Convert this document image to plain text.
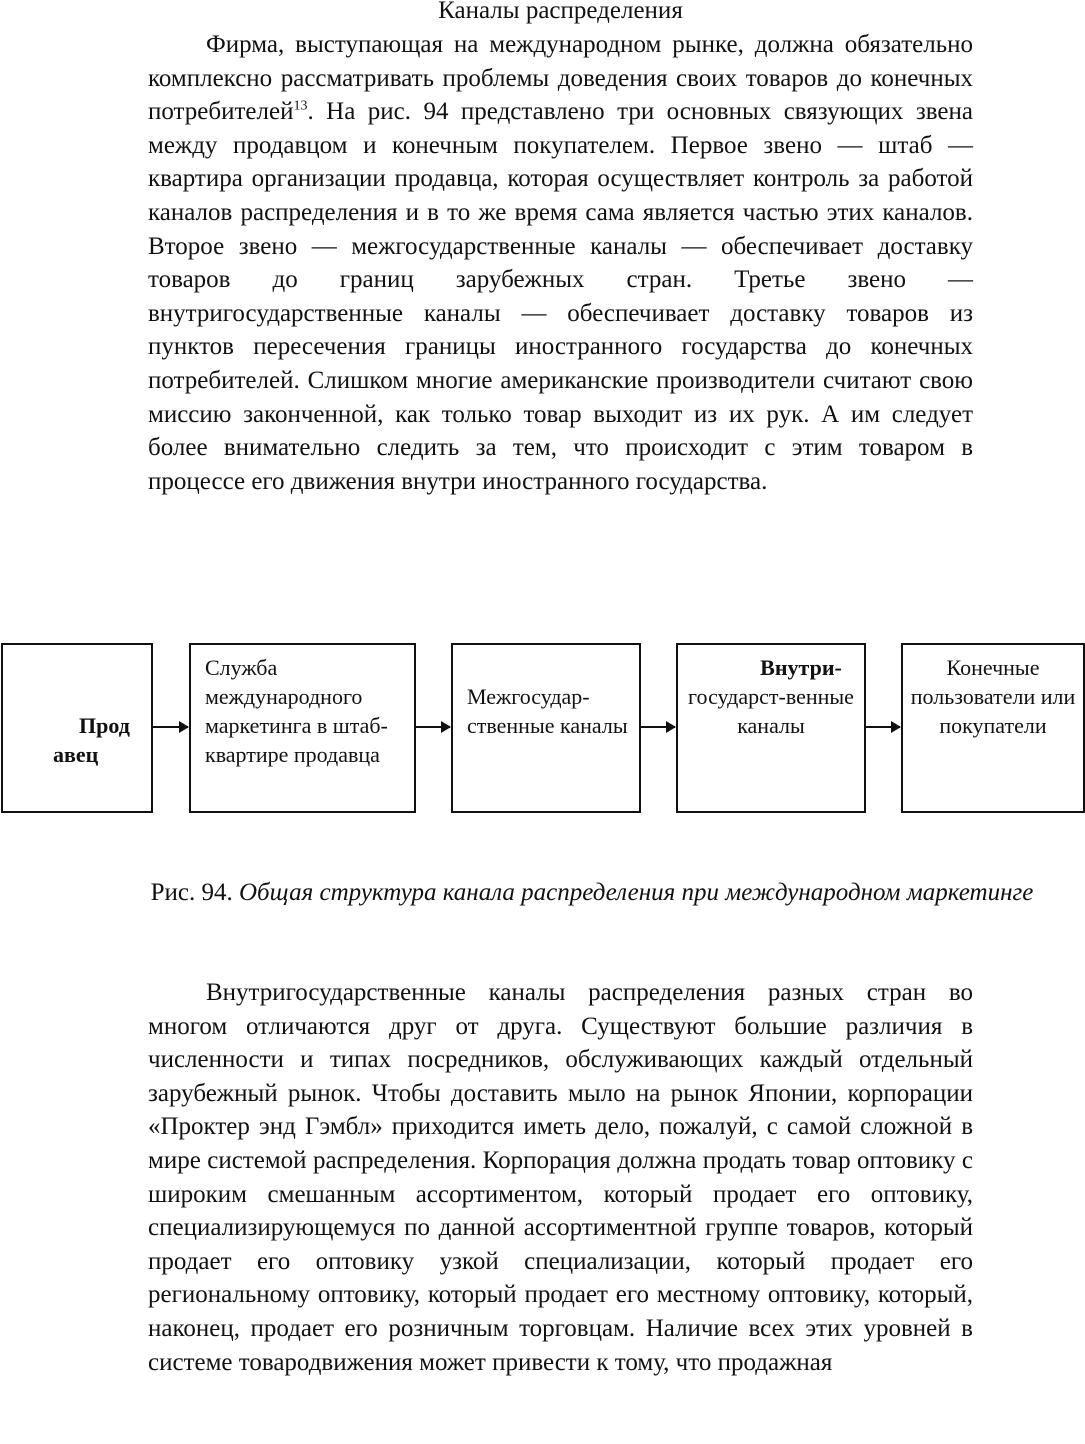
Каналы распределения

Фирма, выступающая на международном рынке, должна обязательно комплексно рассматривать проблемы доведения своих товаров до конечных потребителей$^{13}$. На рис. 94 представлено три основных связующих звена между продавцом и конечным покупателем. Первое звено — штаб — квартира организации продавца, которая осуществляет контроль за работой каналов распределения и в то же время сама является частью этих каналов. Второе звено — межгосударственные каналы — обеспечивает доставку товаров до границ зарубежных стран. Третье звено — внутригосударственные каналы — обеспечивает доставку товаров из пунктов пересечения границы иностранного государства до конечных потребителей. Слишком многие американские производители считают свою миссию законченной, как только товар выходит из их рук. А им следует более внимательно следить за тем, что происходит с этим товаром в процессе его движения внутри иностранного государства.

Прод
авец
Служба международного маркетинга в штаб-квартире продавца
Межгосудар-ственные каналы
Внутри-
государст-венные каналы
Конечные пользователи или покупатели

Рис. 94. Общая структура канала распределения при международном маркетинге

Внутригосударственные каналы распределения разных стран во многом отличаются друг от друга. Существуют большие различия в численности и типах посредников, обслуживающих каждый отдельный зарубежный рынок. Чтобы доставить мыло на рынок Японии, корпорации «Проктер энд Гэмбл» приходится иметь дело, пожалуй, с самой сложной в мире системой распределения. Корпорация должна продать товар оптовику с широким смешанным ассортиментом, который продает его оптовику, специализирующемуся по данной ассортиментной группе товаров, который продает его оптовику узкой специализации, который продает его региональному оптовику, который продает его местному оптовику, который, наконец, продает его розничным торговцам. Наличие всех этих уровней в системе товародвижения может привести к тому, что продажная
